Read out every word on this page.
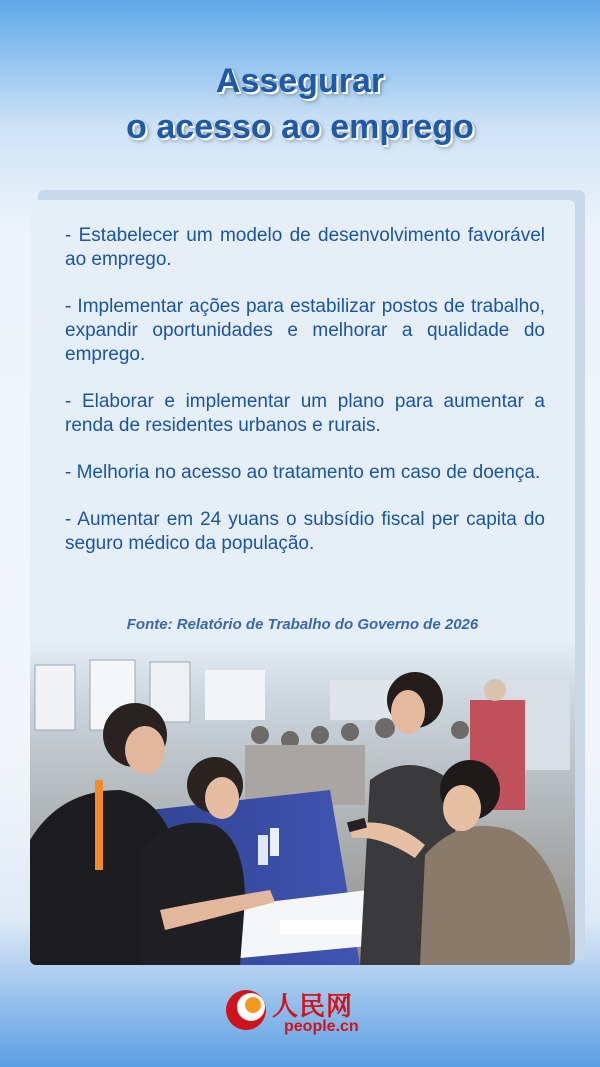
Assegurar
o acesso ao emprego
- Estabelecer um modelo de desenvolvimento favorável ao emprego.
- Implementar ações para estabilizar postos de trabalho, expandir oportunidades e melhorar a qualidade do emprego.
- Elaborar e implementar um plano para aumentar a renda de residentes urbanos e rurais.
- Melhoria no acesso ao tratamento em caso de doença.
- Aumentar em 24 yuans o subsídio fiscal per capita do seguro médico da população.
Fonte: Relatório de Trabalho do Governo de 2026
人民网
people.cn
